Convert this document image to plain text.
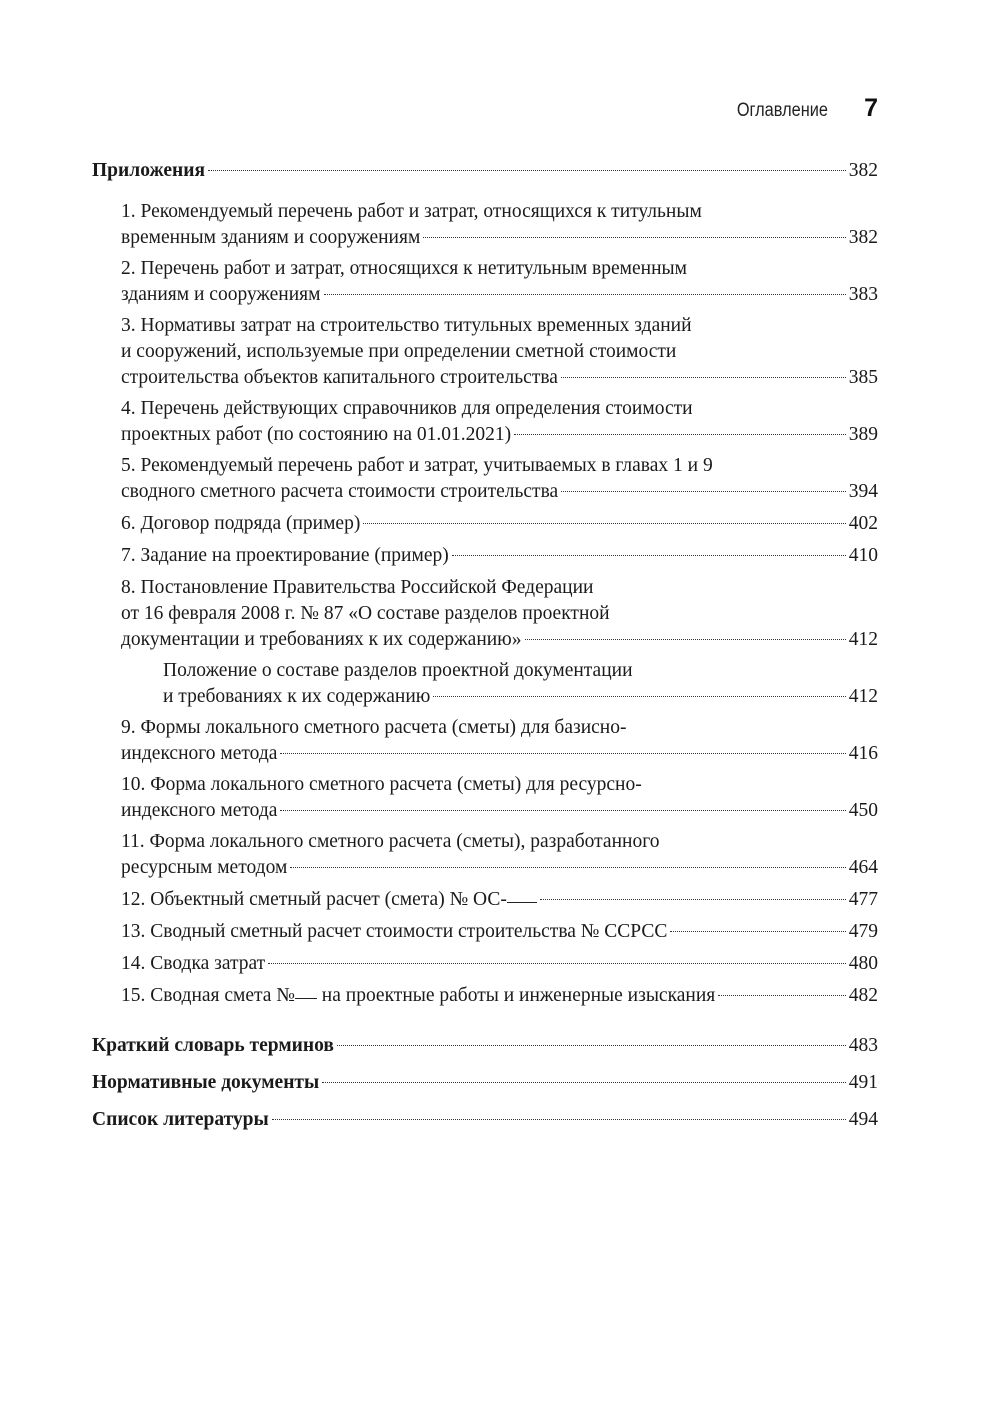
Оглавление 7
Приложения	382
1. Рекомендуемый перечень работ и затрат, относящихся к титульным
временным зданиям и сооружениям	382
2. Перечень работ и затрат, относящихся к нетитульным временным
зданиям и сооружениям	383
3. Нормативы затрат на строительство титульных временных зданий
и сооружений, используемые при определении сметной стоимости
строительства объектов капитального строительства	385
4. Перечень действующих справочников для определения стоимости
проектных работ (по состоянию на 01.01.2021)	389
5. Рекомендуемый перечень работ и затрат, учитываемых в главах 1 и 9
сводного сметного расчета стоимости строительства	394
6. Договор подряда (пример)	402
7. Задание на проектирование (пример)	410
8. Постановление Правительства Российской Федерации
от 16 февраля 2008 г. № 87 «О составе разделов проектной
документации и требованиях к их содержанию»	412
Положение о составе разделов проектной документации
и требованиях к их содержанию	412
9. Формы локального сметного расчета (сметы) для базисно-
индексного метода	416
10. Форма локального сметного расчета (сметы) для ресурсно-
индексного метода	450
11. Форма локального сметного расчета (сметы), разработанного
ресурсным методом	464
12. Объектный сметный расчет (смета) № ОС-	477
13. Сводный сметный расчет стоимости строительства № ССРСС	479
14. Сводка затрат	480
15. Сводная смета № на проектные работы и инженерные изыскания	482
Краткий словарь терминов	483
Нормативные документы	491
Список литературы	494
